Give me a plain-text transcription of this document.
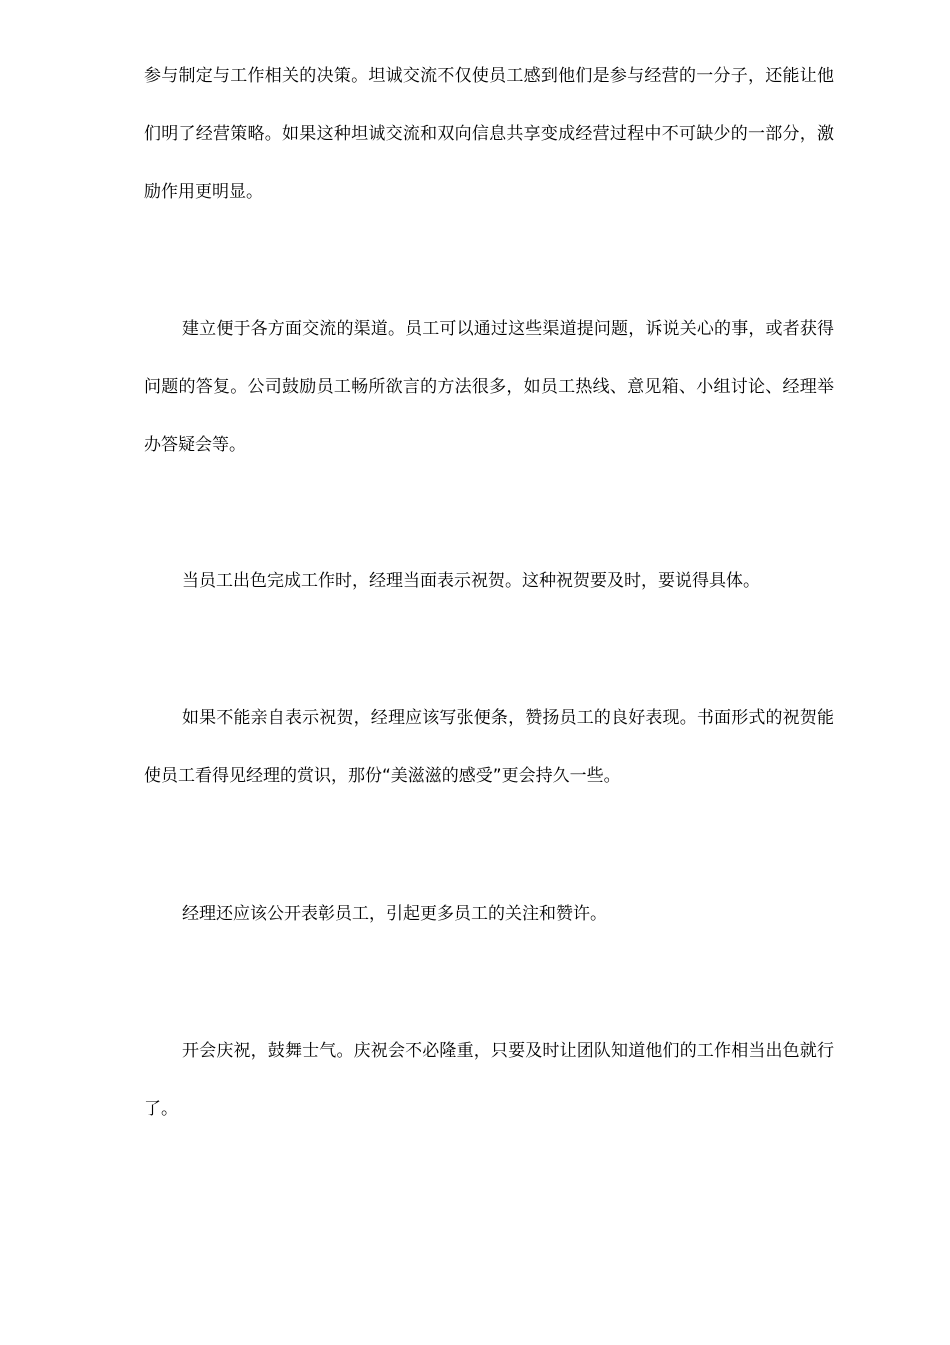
参与制定与工作相关的决策。坦诚交流不仅使员工感到他们是参与经营的一分子，还能让他们明了经营策略。如果这种坦诚交流和双向信息共享变成经营过程中不可缺少的一部分，激励作用更明显。

建立便于各方面交流的渠道。员工可以通过这些渠道提问题，诉说关心的事，或者获得问题的答复。公司鼓励员工畅所欲言的方法很多，如员工热线、意见箱、小组讨论、经理举办答疑会等。

当员工出色完成工作时，经理当面表示祝贺。这种祝贺要及时，要说得具体。

如果不能亲自表示祝贺，经理应该写张便条，赞扬员工的良好表现。书面形式的祝贺能使员工看得见经理的赏识，那份“美滋滋的感受”更会持久一些。

经理还应该公开表彰员工，引起更多员工的关注和赞许。

开会庆祝，鼓舞士气。庆祝会不必隆重，只要及时让团队知道他们的工作相当出色就行了。
